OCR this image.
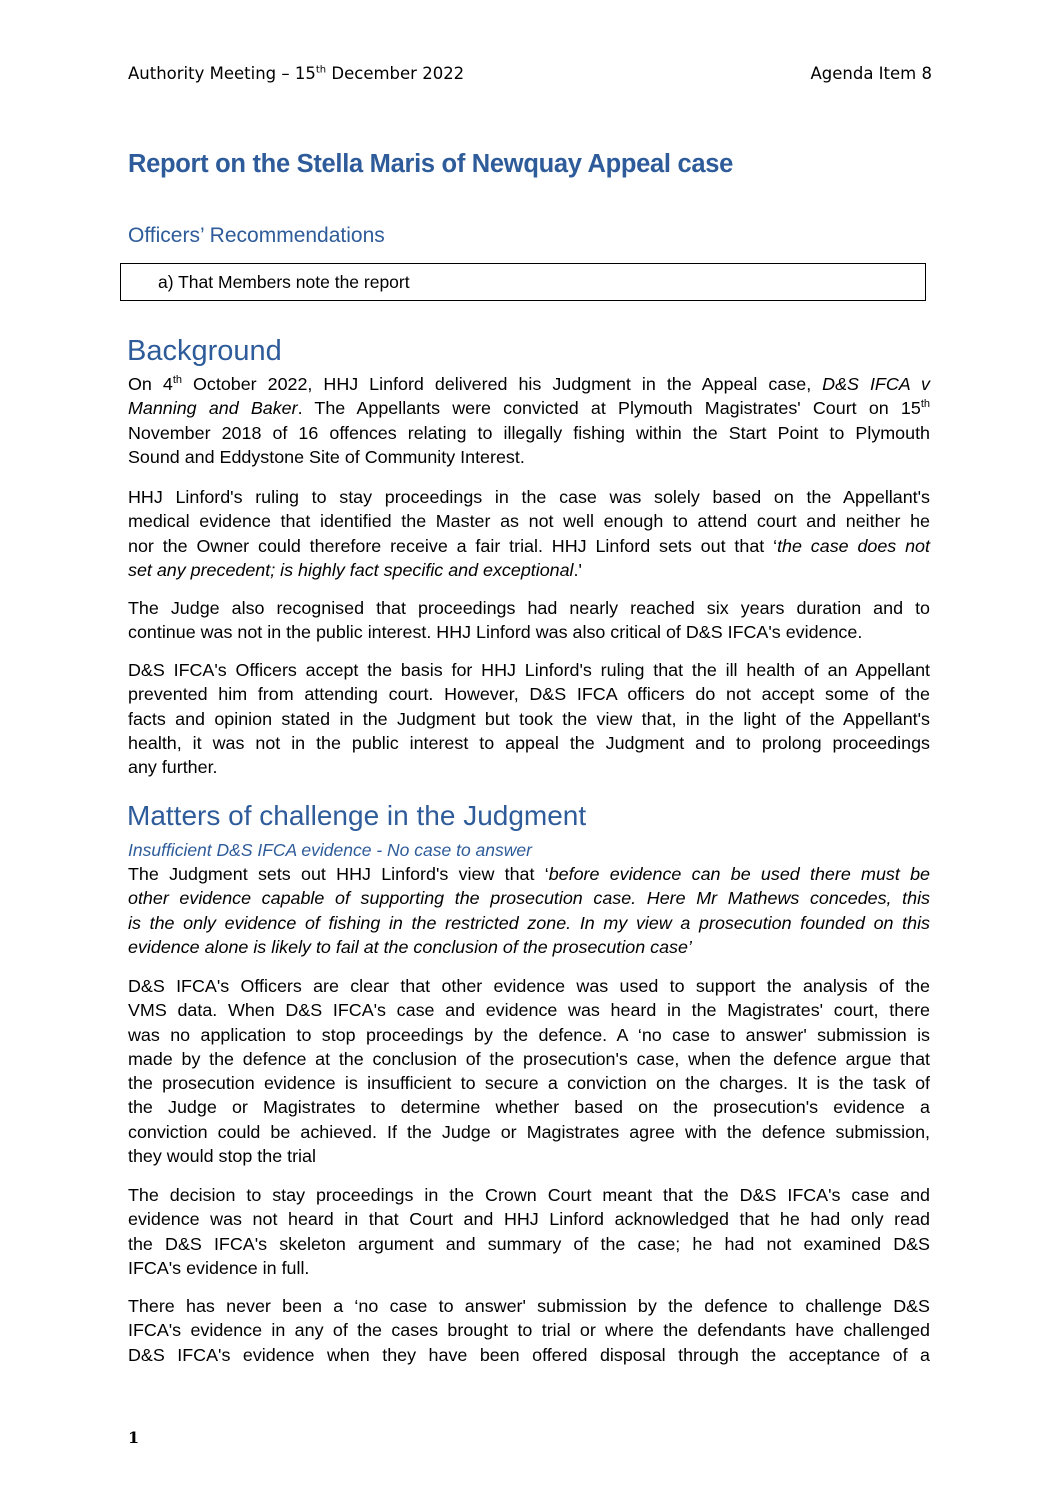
Authority Meeting – 15th December 2022	Agenda Item 8
Report on the Stella Maris of Newquay Appeal case
Officers’ Recommendations
a) That Members note the report
Background
On 4th October 2022, HHJ Linford delivered his Judgment in the Appeal case, D&S IFCA v
Manning and Baker. The Appellants were convicted at Plymouth Magistrates' Court on 15th
November 2018 of 16 offences relating to illegally fishing within the Start Point to Plymouth
Sound and Eddystone Site of Community Interest.
HHJ Linford's ruling to stay proceedings in the case was solely based on the Appellant's
medical evidence that identified the Master as not well enough to attend court and neither he
nor the Owner could therefore receive a fair trial. HHJ Linford sets out that ‘the case does not
set any precedent; is highly fact specific and exceptional.'
The Judge also recognised that proceedings had nearly reached six years duration and to
continue was not in the public interest. HHJ Linford was also critical of D&S IFCA's evidence.
D&S IFCA's Officers accept the basis for HHJ Linford's ruling that the ill health of an Appellant
prevented him from attending court. However, D&S IFCA officers do not accept some of the
facts and opinion stated in the Judgment but took the view that, in the light of the Appellant's
health, it was not in the public interest to appeal the Judgment and to prolong proceedings
any further.
Matters of challenge in the Judgment
Insufficient D&S IFCA evidence - No case to answer
The Judgment sets out HHJ Linford's view that ‘before evidence can be used there must be
other evidence capable of supporting the prosecution case. Here Mr Mathews concedes, this
is the only evidence of fishing in the restricted zone. In my view a prosecution founded on this
evidence alone is likely to fail at the conclusion of the prosecution case’
D&S IFCA's Officers are clear that other evidence was used to support the analysis of the
VMS data. When D&S IFCA's case and evidence was heard in the Magistrates' court, there
was no application to stop proceedings by the defence. A ‘no case to answer' submission is
made by the defence at the conclusion of the prosecution's case, when the defence argue that
the prosecution evidence is insufficient to secure a conviction on the charges. It is the task of
the Judge or Magistrates to determine whether based on the prosecution's evidence a
conviction could be achieved. If the Judge or Magistrates agree with the defence submission,
they would stop the trial
The decision to stay proceedings in the Crown Court meant that the D&S IFCA's case and
evidence was not heard in that Court and HHJ Linford acknowledged that he had only read
the D&S IFCA's skeleton argument and summary of the case; he had not examined D&S
IFCA's evidence in full.
There has never been a ‘no case to answer' submission by the defence to challenge D&S
IFCA's evidence in any of the cases brought to trial or where the defendants have challenged
D&S IFCA's evidence when they have been offered disposal through the acceptance of a
1
